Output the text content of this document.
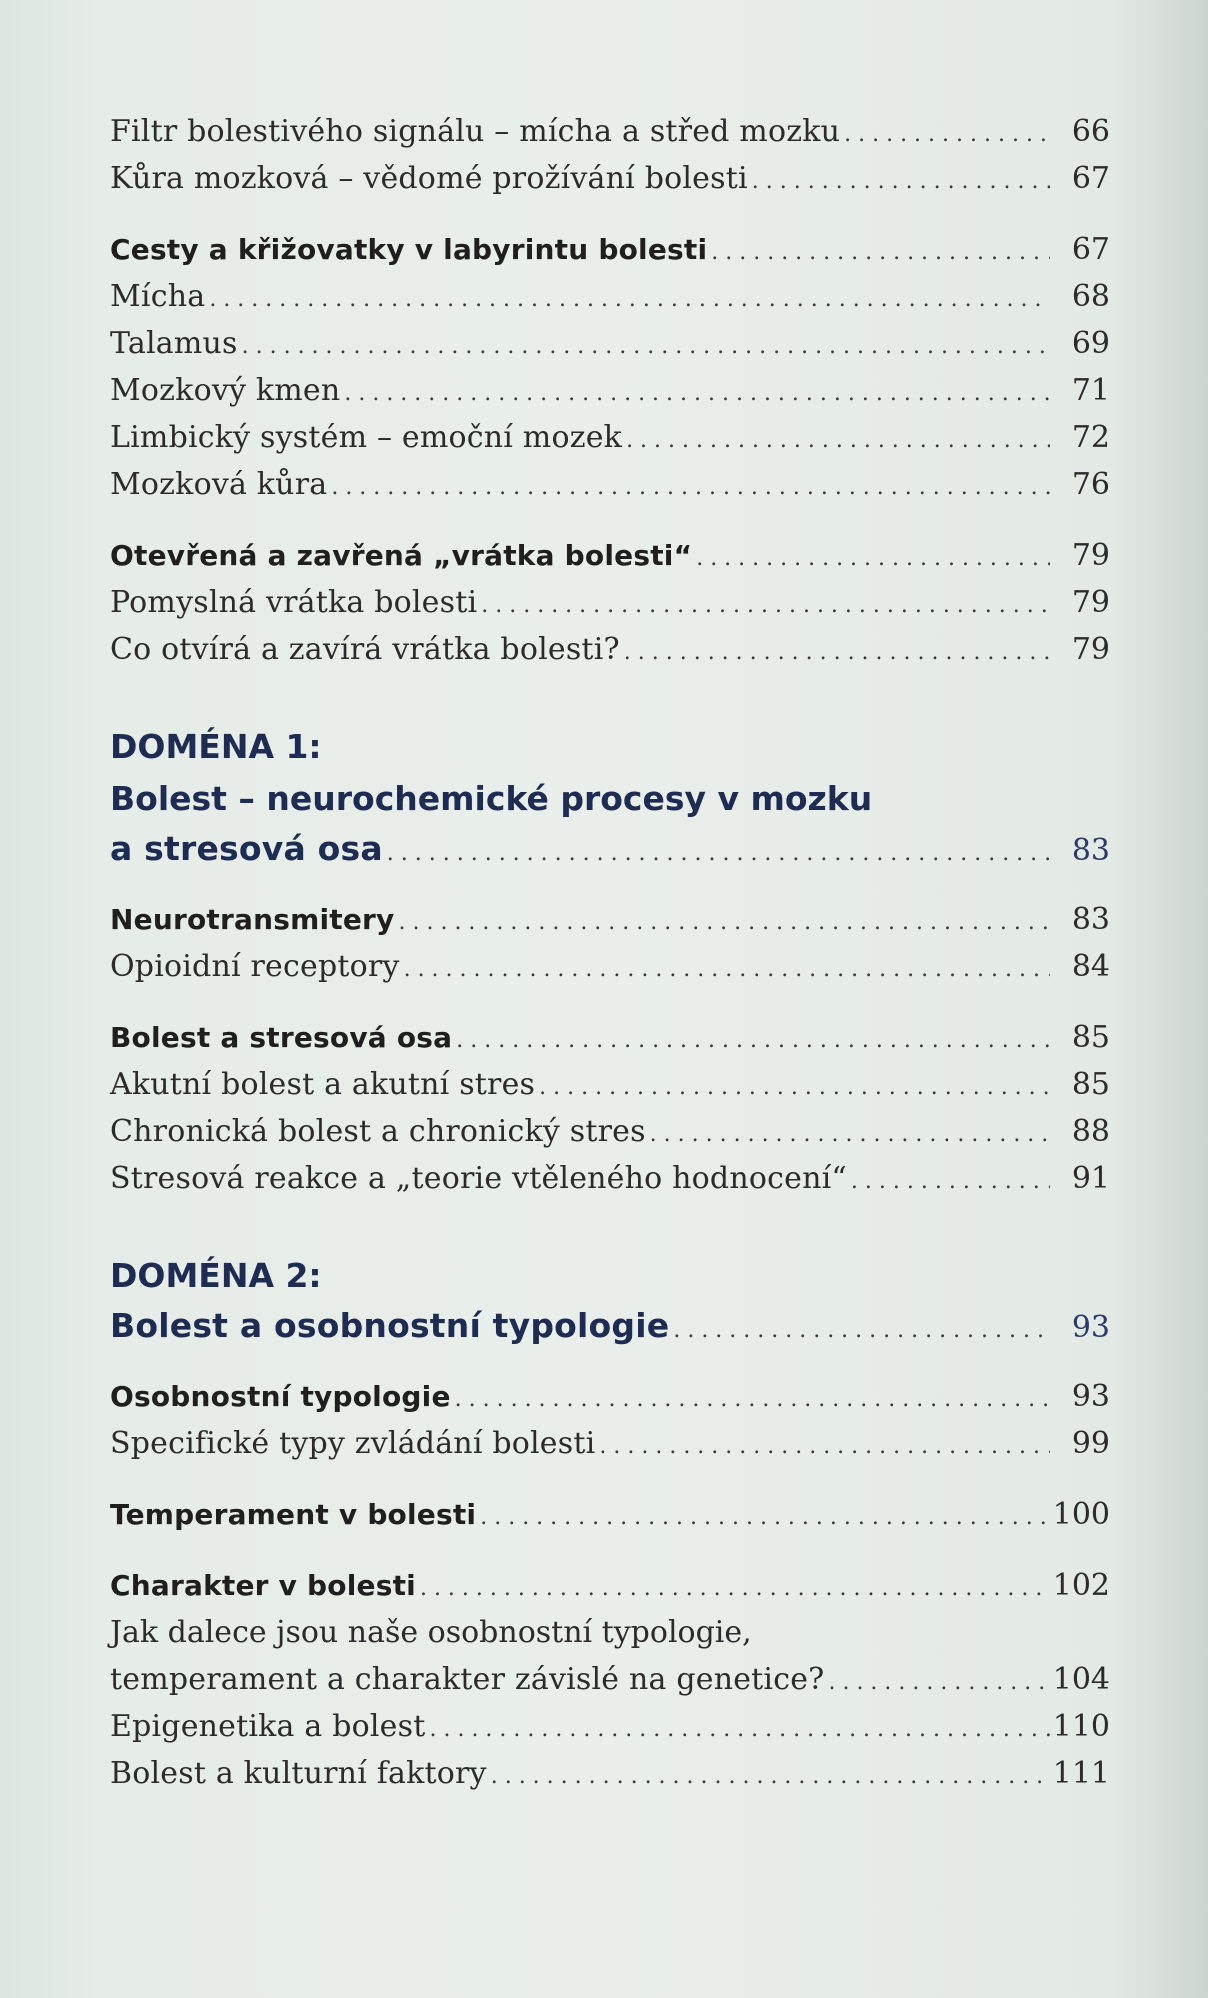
Filtr bolestivého signálu – mícha a střed mozku . . .	66
Kůra mozková – vědomé prožívání bolesti . . .	67
Cesty a křižovatky v labyrintu bolesti . . .	67
Mícha . . .	68
Talamus . . .	69
Mozkový kmen . . .	71
Limbický systém – emoční mozek . . .	72
Mozková kůra . . .	76
Otevřená a zavřená „vrátka bolesti“ . . .	79
Pomyslná vrátka bolesti . . .	79
Co otvírá a zavírá vrátka bolesti? . . .	79
DOMÉNA 1:
Bolest – neurochemické procesy v mozku
a stresová osa . . .	83
Neurotransmitery . . .	83
Opioidní receptory . . .	84
Bolest a stresová osa . . .	85
Akutní bolest a akutní stres . . .	85
Chronická bolest a chronický stres . . .	88
Stresová reakce a „teorie vtěleného hodnocení“ . . .	91
DOMÉNA 2:
Bolest a osobnostní typologie . . .	93
Osobnostní typologie . . .	93
Specifické typy zvládání bolesti . . .	99
Temperament v bolesti . . .	100
Charakter v bolesti . . .	102
Jak dalece jsou naše osobnostní typologie,
temperament a charakter závislé na genetice? . . .	104
Epigenetika a bolest . . .	110
Bolest a kulturní faktory . . .	111
